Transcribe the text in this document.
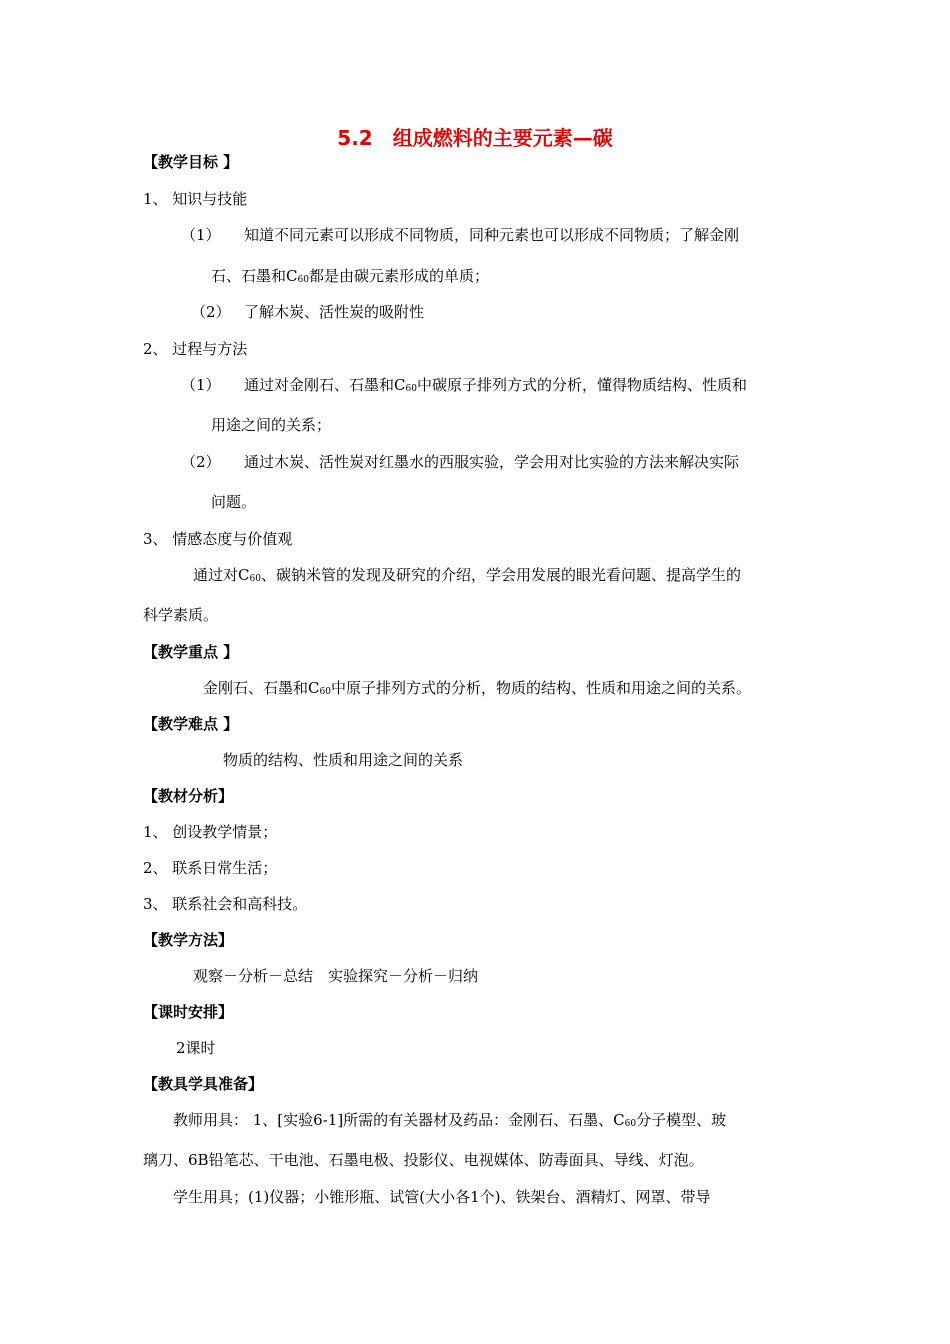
5.2　组成燃料的主要元素—碳
【教学目标 】
1、 知识与技能
（1） 知道不同元素可以形成不同物质，同种元素也可以形成不同物质；了解金刚
石、石墨和C60都是由碳元素形成的单质；
（2） 了解木炭、活性炭的吸附性
2、 过程与方法
（1） 通过对金刚石、石墨和C60中碳原子排列方式的分析，懂得物质结构、性质和
用途之间的关系；
（2） 通过木炭、活性炭对红墨水的西服实验，学会用对比实验的方法来解决实际
问题。
3、 情感态度与价值观
通过对C60、碳钠米管的发现及研究的介绍，学会用发展的眼光看问题、提高学生的
科学素质。
【教学重点 】
金刚石、石墨和C60中原子排列方式的分析，物质的结构、性质和用途之间的关系。
【教学难点 】
物质的结构、性质和用途之间的关系
【教材分析】
1、 创设教学情景；
2、 联系日常生活；
3、 联系社会和高科技。
【教学方法】
观察－分析－总结　实验探究－分析－归纳
【课时安排】
2课时
【教具学具准备】
教师用具： 1、[实验6-1]所需的有关器材及药品：金刚石、石墨、C60分子模型、玻
璃刀、6B铅笔芯、干电池、石墨电极、投影仪、电视媒体、防毒面具、导线、灯泡。
学生用具；(1)仪器；小锥形瓶、试管(大小各1个)、铁架台、酒精灯、网罩、带导
